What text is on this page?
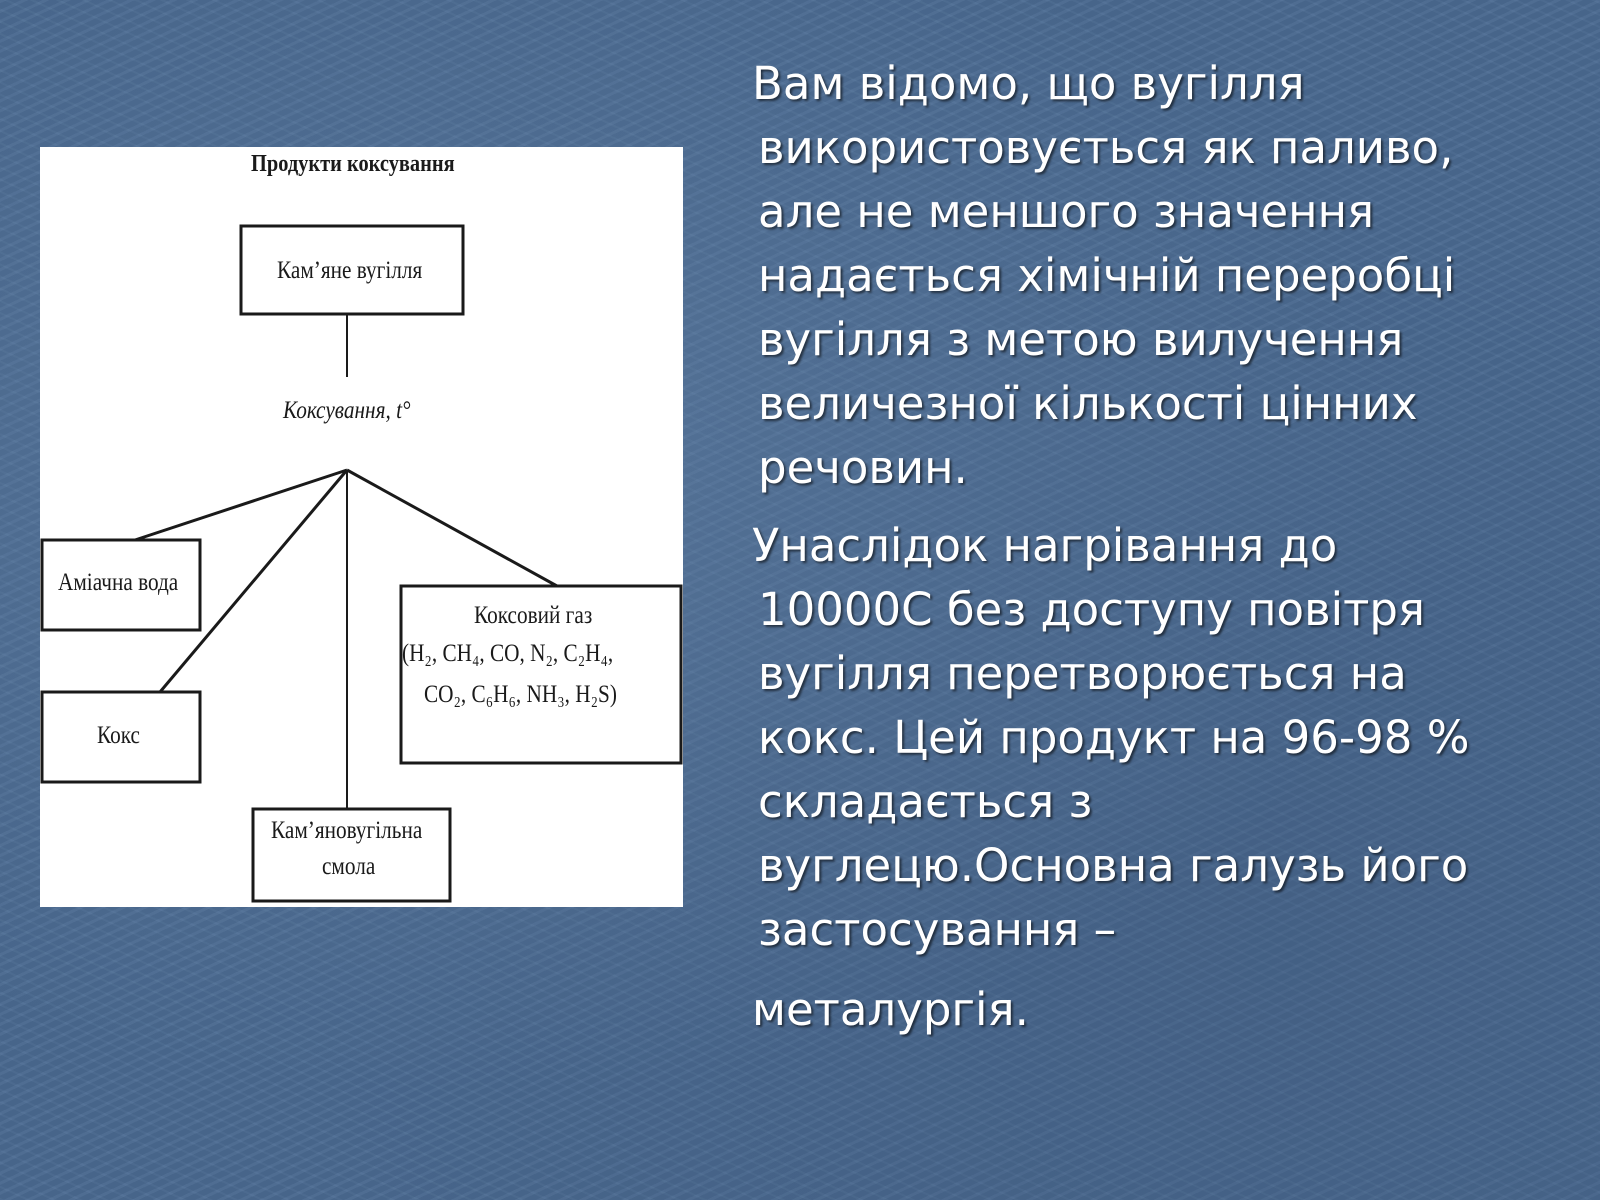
Продукти коксування
Кам’яне вугілля
Коксування, t°
Аміачна вода
Кокс
Коксовий газ
(H₂, CH₄, CO, N₂, C₂H₄,
CO₂, C₆H₆, NH₃, H₂S)
Кам’яновугільна
смола

Вам відомо, що вугілля використовується як паливо, але не меншого значення надається хімічній переробці вугілля з метою вилучення величезної кількості цінних речовин.

Унаслідок нагрівання до 10000С без доступу повітря вугілля перетворюється на кокс. Цей продукт на 96-98 % складається з вуглецю.Основна галузь його застосування –
металургія.
